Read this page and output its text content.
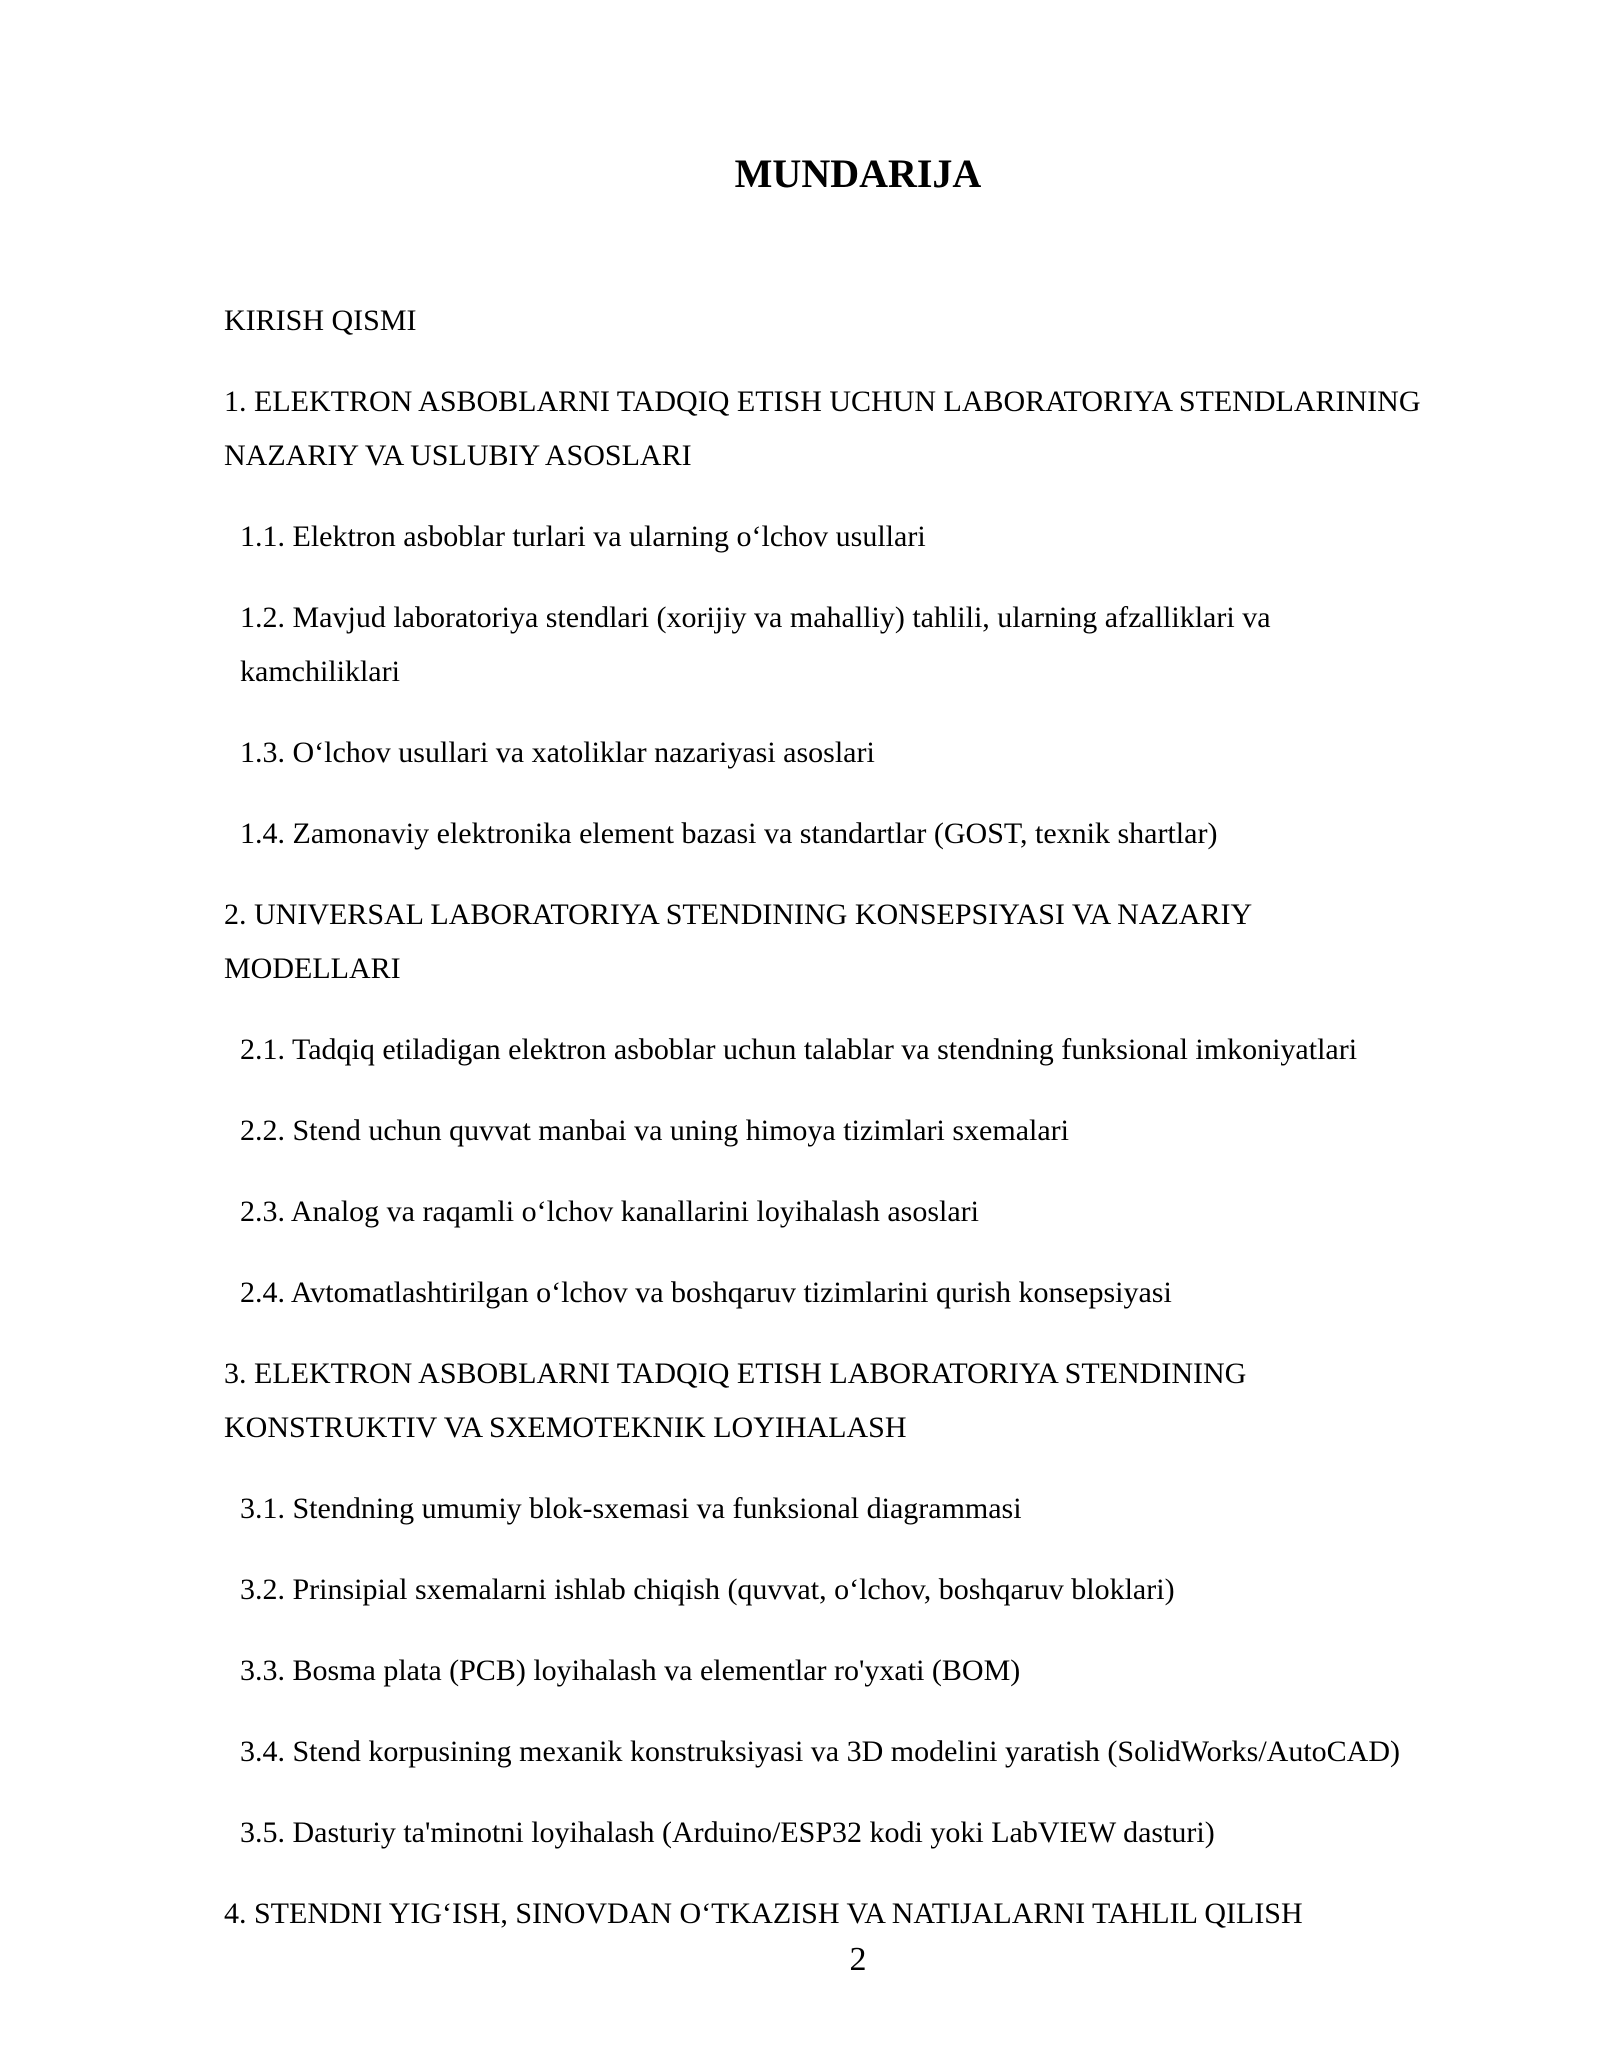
MUNDARIJA
KIRISH QISMI
1. ELEKTRON ASBOBLARNI TADQIQ ETISH UCHUN LABORATORIYA STENDLARINING
NAZARIY VA USLUBIY ASOSLARI
1.1. Elektron asboblar turlari va ularning o‘lchov usullari
1.2. Mavjud laboratoriya stendlari (xorijiy va mahalliy) tahlili, ularning afzalliklari va
kamchiliklari
1.3. O‘lchov usullari va xatoliklar nazariyasi asoslari
1.4. Zamonaviy elektronika element bazasi va standartlar (GOST, texnik shartlar)
2. UNIVERSAL LABORATORIYA STENDINING KONSEPSIYASI VA NAZARIY
MODELLARI
2.1. Tadqiq etiladigan elektron asboblar uchun talablar va stendning funksional imkoniyatlari
2.2. Stend uchun quvvat manbai va uning himoya tizimlari sxemalari
2.3. Analog va raqamli o‘lchov kanallarini loyihalash asoslari
2.4. Avtomatlashtirilgan o‘lchov va boshqaruv tizimlarini qurish konsepsiyasi
3. ELEKTRON ASBOBLARNI TADQIQ ETISH LABORATORIYA STENDINING
KONSTRUKTIV VA SXEMOTEKNIK LOYIHALASH
3.1. Stendning umumiy blok-sxemasi va funksional diagrammasi
3.2. Prinsipial sxemalarni ishlab chiqish (quvvat, o‘lchov, boshqaruv bloklari)
3.3. Bosma plata (PCB) loyihalash va elementlar ro'yxati (BOM)
3.4. Stend korpusining mexanik konstruksiyasi va 3D modelini yaratish (SolidWorks/AutoCAD)
3.5. Dasturiy ta'minotni loyihalash (Arduino/ESP32 kodi yoki LabVIEW dasturi)
4. STENDNI YIG‘ISH, SINOVDAN O‘TKAZISH VA NATIJALARNI TAHLIL QILISH
2
